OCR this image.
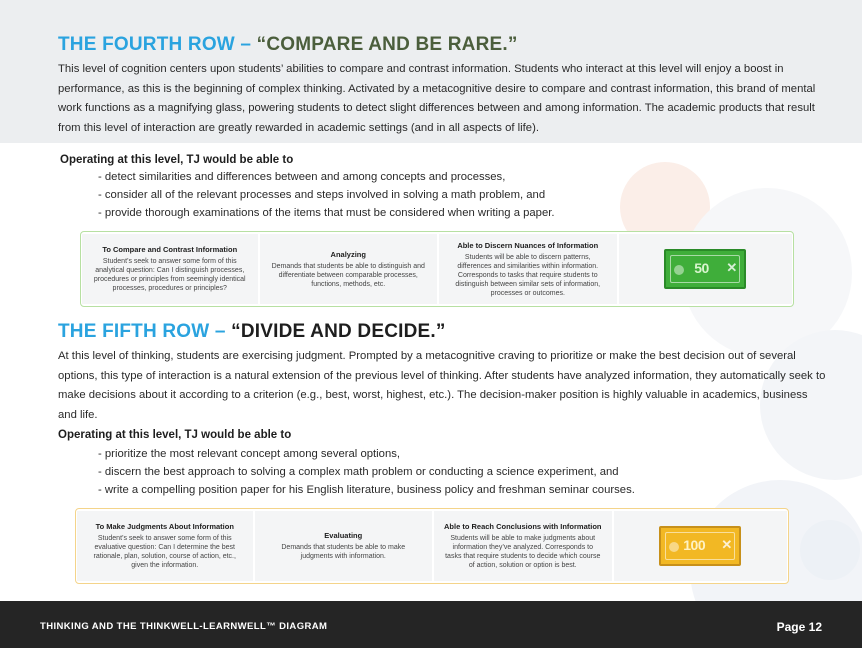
THE FOURTH ROW – “COMPARE AND BE RARE.”

This level of cognition centers upon students’ abilities to compare and contrast information. Students who interact at this level will enjoy a boost in performance, as this is the beginning of complex thinking. Activated by a metacognitive desire to compare and contrast information, this brand of mental work functions as a magnifying glass, powering students to detect slight differences between and among information. The academic products that result from this level of interaction are greatly rewarded in academic settings (and in all aspects of life).

Operating at this level, TJ would be able to
- detect similarities and differences between and among concepts and processes,
- consider all of the relevant processes and steps involved in solving a math problem, and
- provide thorough examinations of the items that must be considered when writing a paper.
To Compare and Contrast Information
Student’s seek to answer some form of this analytical question: Can I distinguish processes, procedures or principles from seemingly identical processes, procedures or principles?
Analyzing
Demands that students be able to distinguish and differentiate between comparable processes, functions, methods, etc.
Able to Discern Nuances of Information
Students will be able to discern patterns, differences and similarities within information. Corresponds to tasks that require students to distinguish between similar sets of information, processes or outcomes.
50 ✕
THE FIFTH ROW – “DIVIDE AND DECIDE.”

At this level of thinking, students are exercising judgment. Prompted by a metacognitive craving to prioritize or make the best decision out of several options, this type of interaction is a natural extension of the previous level of thinking. After students have analyzed information, they automatically seek to make decisions about it according to a criterion (e.g., best, worst, highest, etc.). The decision-maker position is highly valuable in academics, business and life.

Operating at this level, TJ would be able to
- prioritize the most relevant concept among several options,
- discern the best approach to solving a complex math problem or conducting a science experiment, and
- write a compelling position paper for his English literature, business policy and freshman seminar courses.
To Make Judgments About Information
Student’s seek to answer some form of this evaluative question: Can I determine the best rationale, plan, solution, course of action, etc., given the information.
Evaluating
Demands that students be able to make judgments with information.
Able to Reach Conclusions with Information
Students will be able to make judgments about information they’ve analyzed. Corresponds to tasks that require students to decide which course of action, solution or option is best.
100 ✕
THINKING AND THE THINKWELL-LEARNWELL™ DIAGRAM	Page 12
